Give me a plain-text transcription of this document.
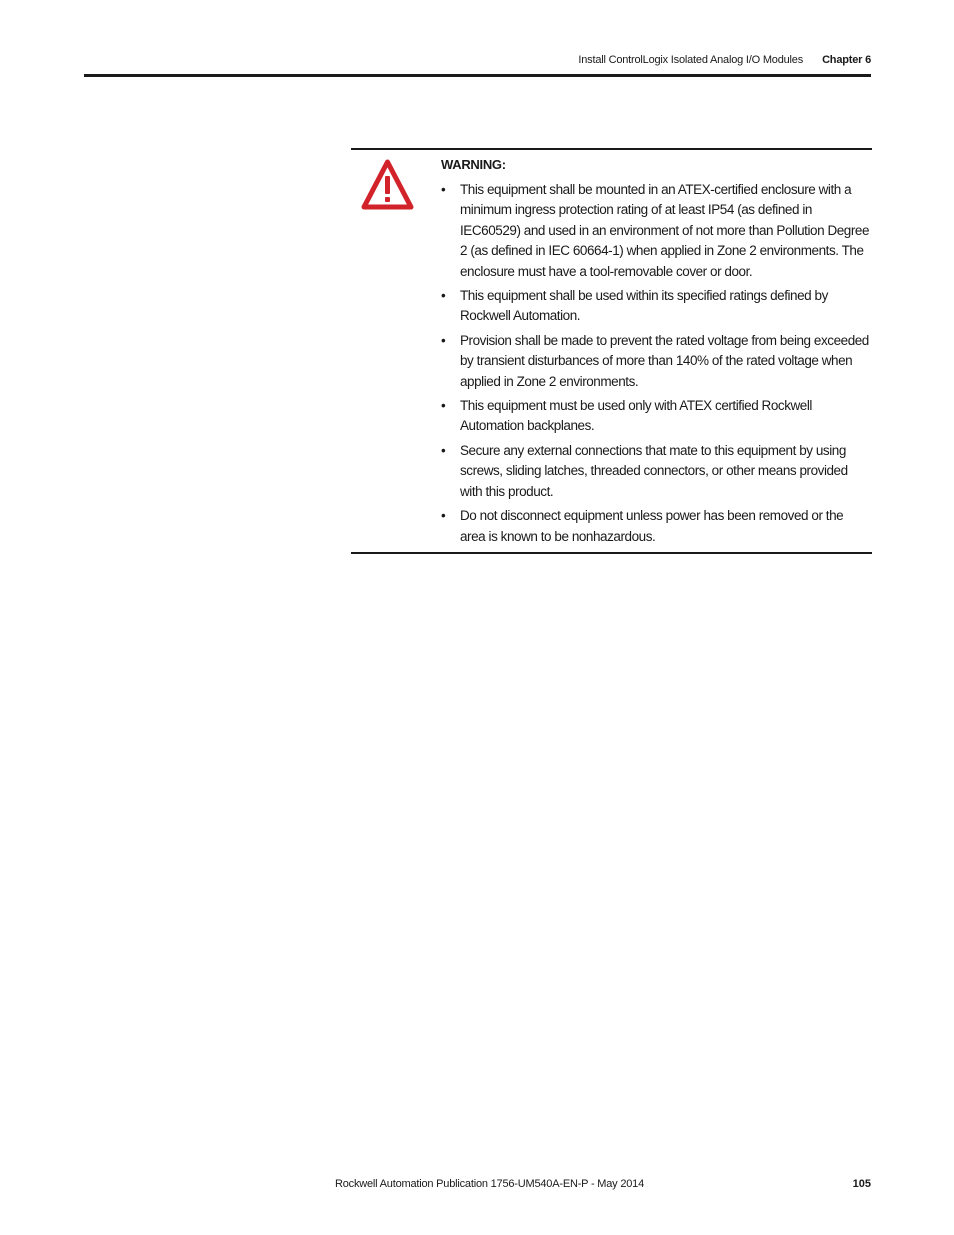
Install ControlLogix Isolated Analog I/O Modules Chapter 6
WARNING:
•	This equipment shall be mounted in an ATEX-certified enclosure with a minimum ingress protection rating of at least IP54 (as defined in IEC60529) and used in an environment of not more than Pollution Degree 2 (as defined in IEC 60664-1) when applied in Zone 2 environments. The enclosure must have a tool-removable cover or door.
•	This equipment shall be used within its specified ratings defined by Rockwell Automation.
•	Provision shall be made to prevent the rated voltage from being exceeded by transient disturbances of more than 140% of the rated voltage when applied in Zone 2 environments.
•	This equipment must be used only with ATEX certified Rockwell Automation backplanes.
•	Secure any external connections that mate to this equipment by using screws, sliding latches, threaded connectors, or other means provided with this product.
•	Do not disconnect equipment unless power has been removed or the area is known to be nonhazardous.
Rockwell Automation Publication 1756-UM540A-EN-P - May 2014	105
